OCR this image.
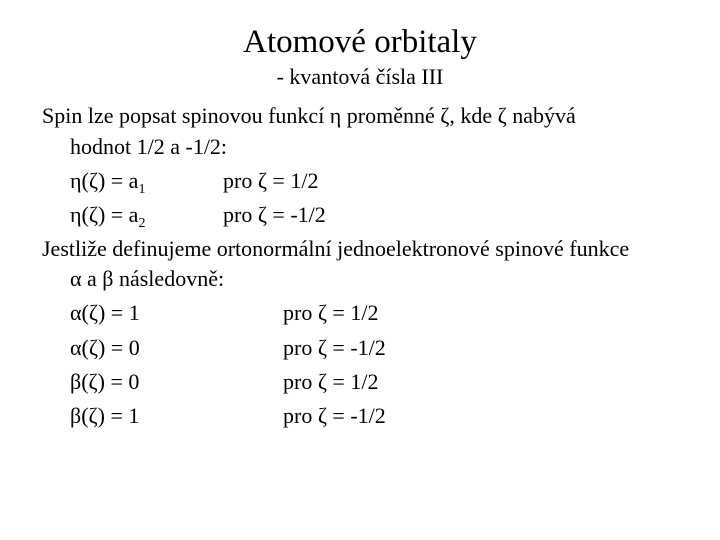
Atomové orbitaly
- kvantová čísla III
Spin lze popsat spinovou funkcí η proměnné ζ, kde ζ nabývá
hodnot 1/2 a -1/2:
$\eta(\zeta) = a_1$	pro ζ = 1/2
$\eta(\zeta) = a_2$	pro ζ = -1/2
Jestliže definujeme ortonormální jednoelektronové spinové funkce
α a β následovně:
α(ζ) = 1	pro ζ = 1/2
α(ζ) = 0	pro ζ = -1/2
β(ζ) = 0	pro ζ = 1/2
β(ζ) = 1	pro ζ = -1/2
